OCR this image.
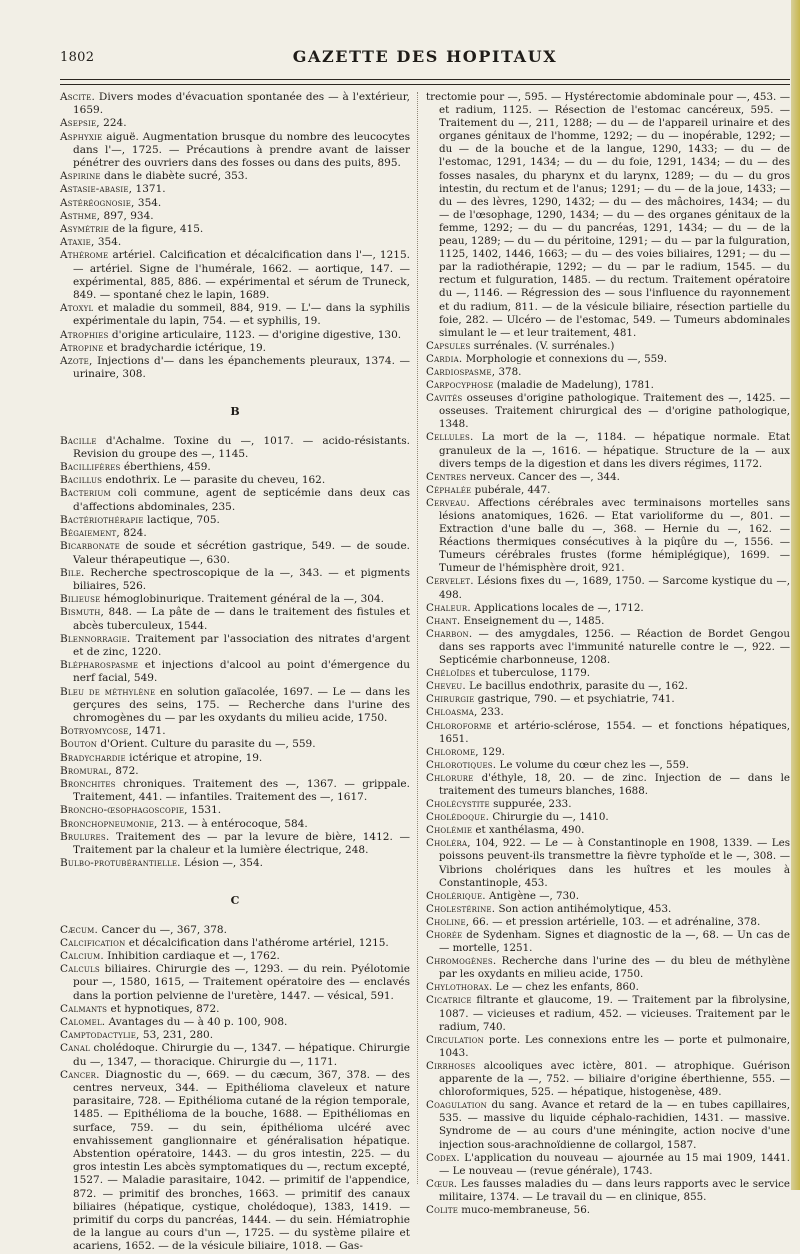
1802	GAZETTE DES HOPITAUX

Ascite. Divers modes d'évacuation spontanée des — à l'extérieur, 1659.

Asepsie, 224.

Asphyxie aiguë. Augmentation brusque du nombre des leucocytes dans l'—, 1725. — Précautions à prendre avant de laisser pénétrer des ouvriers dans des fosses ou dans des puits, 895.

Aspirine dans le diabète sucré, 353.

Astasie-abasie, 1371.

Astéréognosie, 354.

Asthme, 897, 934.

Asymétrie de la figure, 415.

Ataxie, 354.

Athérome artériel. Calcification et décalcification dans l'—, 1215. — artériel. Signe de l'humérale, 1662. — aortique, 147. — expérimental, 885, 886. — expérimental et sérum de Truneck, 849. — spontané chez le lapin, 1689.

Atoxyl et maladie du sommeil, 884, 919. — L'— dans la syphilis expérimentale du lapin, 754. — et syphilis, 19.

Atrophies d'origine articulaire, 1123. — d'origine digestive, 130.

Atropine et bradychardie ictérique, 19.

Azote, Injections d'— dans les épanchements pleuraux, 1374. — urinaire, 308.

B

Bacille d'Achalme. Toxine du —, 1017. — acido-résistants. Revision du groupe des —, 1145.

Bacillifères éberthiens, 459.

Bacillus endothrix. Le — parasite du cheveu, 162.

Bacterium coli commune, agent de septicémie dans deux cas d'affections abdominales, 235.

Bactériothérapie lactique, 705.

Bégaiement, 824.

Bicarbonate de soude et sécrétion gastrique, 549. — de soude. Valeur thérapeutique —, 630.

Bile. Recherche spectroscopique de la —, 343. — et pigments biliaires, 526.

Bilieuse hémoglobinurique. Traitement général de la —, 304.

Bismuth, 848. — La pâte de — dans le traitement des fistules et abcès tuberculeux, 1544.

Blennorragie. Traitement par l'association des nitrates d'argent et de zinc, 1220.

Blépharospasme et injections d'alcool au point d'émergence du nerf facial, 549.

Bleu de méthylène en solution gaïacolée, 1697. — Le — dans les gerçures des seins, 175. — Recherche dans l'urine des chromogènes du — par les oxydants du milieu acide, 1750.

Botryomycose, 1471.

Bouton d'Orient. Culture du parasite du —, 559.

Bradychardie ictérique et atropine, 19.

Bromural, 872.

Bronchites chroniques. Traitement des —, 1367. — grippale. Traitement, 441. — infantiles. Traitement des —, 1617.

Broncho-œsophagoscopie, 1531.

Bronchopneumonie, 213. — à entérocoque, 584.

Brulures. Traitement des — par la levure de bière, 1412. — Traitement par la chaleur et la lumière électrique, 248.

Bulbo-protubérantielle. Lésion —, 354.

C

Cæcum. Cancer du —, 367, 378.

Calcification et décalcification dans l'athérome artériel, 1215.

Calcium. Inhibition cardiaque et —, 1762.

Calculs biliaires. Chirurgie des —, 1293. — du rein. Pyélotomie pour —, 1580, 1615, — Traitement opératoire des — enclavés dans la portion pelvienne de l'uretère, 1447. — vésical, 591.

Calmants et hypnotiques, 872.

Calomel. Avantages du — à 40 p. 100, 908.

Camptodactylie, 53, 231, 280.

Canal cholédoque. Chirurgie du —, 1347. — hépatique. Chirurgie du —, 1347, — thoracique. Chirurgie du —, 1171.

Cancer. Diagnostic du —, 669. — du cæcum, 367, 378. — des centres nerveux, 344. — Epithélioma claveleux et nature parasitaire, 728. — Epithélioma cutané de la région temporale, 1485. — Epithélioma de la bouche, 1688. — Epithéliomas en surface, 759. — du sein, épithélioma ulcéré avec envahissement ganglionnaire et généralisation hépatique. Abstention opératoire, 1443. — du gros intestin, 225. — du gros intestin Les abcès symptomatiques du —, rectum excepté, 1527. — Maladie parasitaire, 1042. — primitif de l'appendice, 872. — primitif des bronches, 1663. — primitif des canaux biliaires (hépatique, cystique, cholédoque), 1383, 1419. — primitif du corps du pancréas, 1444. — du sein. Hémiatrophie de la langue au cours d'un —, 1725. — du système pilaire et acariens, 1652. — de la vésicule biliaire, 1018. — Gas-

trectomie pour —, 595. — Hystérectomie abdominale pour —, 453. — et radium, 1125. — Résection de l'estomac cancéreux, 595. — Traitement du —, 211, 1288; — du — de l'appareil urinaire et des organes génitaux de l'homme, 1292; — du — inopérable, 1292; — du — de la bouche et de la langue, 1290, 1433; — du — de l'estomac, 1291, 1434; — du — du foie, 1291, 1434; — du — des fosses nasales, du pharynx et du larynx, 1289; — du — du gros intestin, du rectum et de l'anus; 1291; — du — de la joue, 1433; — du — des lèvres, 1290, 1432; — du — des mâchoires, 1434; — du — de l'œsophage, 1290, 1434; — du — des organes génitaux de la femme, 1292; — du — du pancréas, 1291, 1434; — du — de la peau, 1289; — du — du péritoine, 1291; — du — par la fulguration, 1125, 1402, 1446, 1663; — du — des voies biliaires, 1291; — du — par la radiothérapie, 1292; — du — par le radium, 1545. — du rectum et fulguration, 1485. — du rectum. Traitement opératoire du —, 1146. — Régression des — sous l'influence du rayonnement et du radium, 811. — de la vésicule biliaire, résection partielle du foie, 282. — Ulcéro — de l'estomac, 549. — Tumeurs abdominales simulant le — et leur traitement, 481.

Capsules surrénales. (V. surrénales.)

Cardia. Morphologie et connexions du —, 559.

Cardiospasme, 378.

Carpocyphose (maladie de Madelung), 1781.

Cavités osseuses d'origine pathologique. Traitement des —, 1425. — osseuses. Traitement chirurgical des — d'origine pathologique, 1348.

Cellules. La mort de la —, 1184. — hépatique normale. Etat granuleux de la —, 1616. — hépatique. Structure de la — aux divers temps de la digestion et dans les divers régimes, 1172.

Centres nerveux. Cancer des —, 344.

Céphalée pubérale, 447.

Cerveau. Affections cérébrales avec terminaisons mortelles sans lésions anatomiques, 1626. — Etat varioliforme du —, 801. — Extraction d'une balle du —, 368. — Hernie du —, 162. — Réactions thermiques consécutives à la piqûre du —, 1556. — Tumeurs cérébrales frustes (forme hémiplégique), 1699. — Tumeur de l'hémisphère droit, 921.

Cervelet. Lésions fixes du —, 1689, 1750. — Sarcome kystique du —, 498.

Chaleur. Applications locales de —, 1712.

Chant. Enseignement du —, 1485.

Charbon. — des amygdales, 1256. — Réaction de Bordet Gengou dans ses rapports avec l'immunité naturelle contre le —, 922. — Septicémie charbonneuse, 1208.

Chéloïdes et tuberculose, 1179.

Cheveu. Le bacillus endothrix, parasite du —, 162.

Chirurgie gastrique, 790. — et psychiatrie, 741.

Chloasma, 233.

Chloroforme et artério-sclérose, 1554. — et fonctions hépatiques, 1651.

Chlorome, 129.

Chlorotiques. Le volume du cœur chez les —, 559.

Chlorure d'éthyle, 18, 20. — de zinc. Injection de — dans le traitement des tumeurs blanches, 1688.

Cholécystite suppurée, 233.

Cholédoque. Chirurgie du —, 1410.

Cholémie et xanthélasma, 490.

Choléra, 104, 922. — Le — à Constantinople en 1908, 1339. — Les poissons peuvent-ils transmettre la fièvre typhoïde et le —, 308. — Vibrions cholériques dans les huîtres et les moules à Constantinople, 453.

Cholérique. Antigène —, 730.

Cholestérine. Son action antihémolytique, 453.

Choline, 66. — et pression artérielle, 103. — et adrénaline, 378.

Chorée de Sydenham. Signes et diagnostic de la —, 68. — Un cas de — mortelle, 1251.

Chromogènes. Recherche dans l'urine des — du bleu de méthylène par les oxydants en milieu acide, 1750.

Chylothorax. Le — chez les enfants, 860.

Cicatrice filtrante et glaucome, 19. — Traitement par la fibrolysine, 1087. — vicieuses et radium, 452. — vicieuses. Traitement par le radium, 740.

Circulation porte. Les connexions entre les — porte et pulmonaire, 1043.

Cirrhoses alcooliques avec ictère, 801. — atrophique. Guérison apparente de la —, 752. — biliaire d'origine éberthienne, 555. — chloroformiques, 525. — hépatique, histogenèse, 489.

Coagulation du sang. Avance et retard de la — en tubes capillaires, 535. — massive du liquide céphalo-rachidien, 1431. — massive. Syndrome de — au cours d'une méningite, action nocive d'une injection sous-arachnoïdienne de collargol, 1587.

Codex. L'application du nouveau — ajournée au 15 mai 1909, 1441. — Le nouveau — (revue générale), 1743.

Cœur. Les fausses maladies du — dans leurs rapports avec le service militaire, 1374. — Le travail du — en clinique, 855.

Colite muco-membraneuse, 56.
